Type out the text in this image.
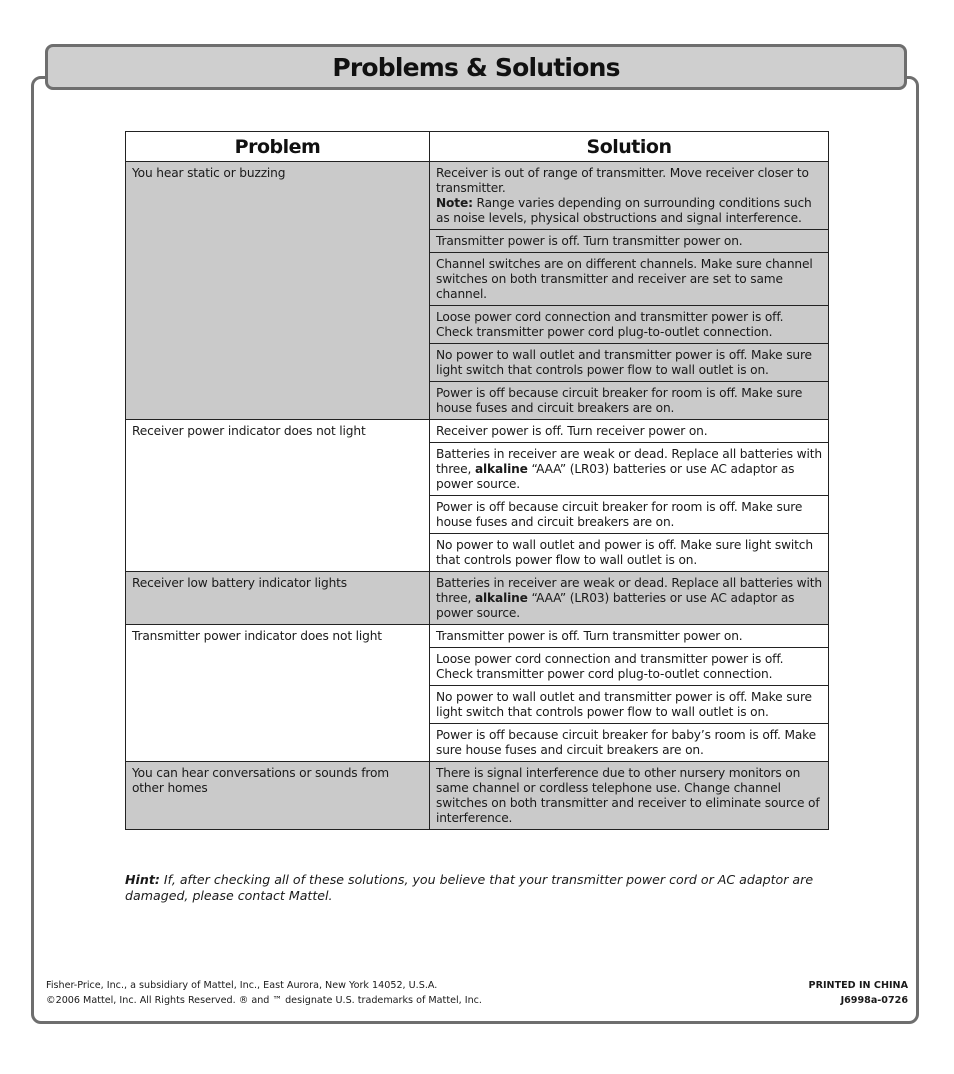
Problems & Solutions
Problem	Solution
You hear static or buzzing	Receiver is out of range of transmitter. Move receiver closer to transmitter.
Note: Range varies depending on surrounding conditions such as noise levels, physical obstructions and signal interference.
	Transmitter power is off. Turn transmitter power on.
	Channel switches are on different channels. Make sure channel switches on both transmitter and receiver are set to same channel.
	Loose power cord connection and transmitter power is off. Check transmitter power cord plug-to-outlet connection.
	No power to wall outlet and transmitter power is off. Make sure light switch that controls power flow to wall outlet is on.
	Power is off because circuit breaker for room is off. Make sure house fuses and circuit breakers are on.
Receiver power indicator does not light	Receiver power is off. Turn receiver power on.
	Batteries in receiver are weak or dead. Replace all batteries with three, alkaline “AAA” (LR03) batteries or use AC adaptor as power source.
	Power is off because circuit breaker for room is off. Make sure house fuses and circuit breakers are on.
	No power to wall outlet and power is off. Make sure light switch that controls power flow to wall outlet is on.
Receiver low battery indicator lights	Batteries in receiver are weak or dead. Replace all batteries with three, alkaline “AAA” (LR03) batteries or use AC adaptor as power source.
Transmitter power indicator does not light	Transmitter power is off. Turn transmitter power on.
	Loose power cord connection and transmitter power is off. Check transmitter power cord plug-to-outlet connection.
	No power to wall outlet and transmitter power is off. Make sure light switch that controls power flow to wall outlet is on.
	Power is off because circuit breaker for baby’s room is off. Make sure house fuses and circuit breakers are on.
You can hear conversations or sounds from other homes	There is signal interference due to other nursery monitors on same channel or cordless telephone use. Change channel switches on both transmitter and receiver to eliminate source of interference.
Hint: If, after checking all of these solutions, you believe that your transmitter power cord or AC adaptor are damaged, please contact Mattel.
Fisher-Price, Inc., a subsidiary of Mattel, Inc., East Aurora, New York 14052, U.S.A.
©2006 Mattel, Inc. All Rights Reserved. ® and ™ designate U.S. trademarks of Mattel, Inc.
PRINTED IN CHINA
J6998a-0726
